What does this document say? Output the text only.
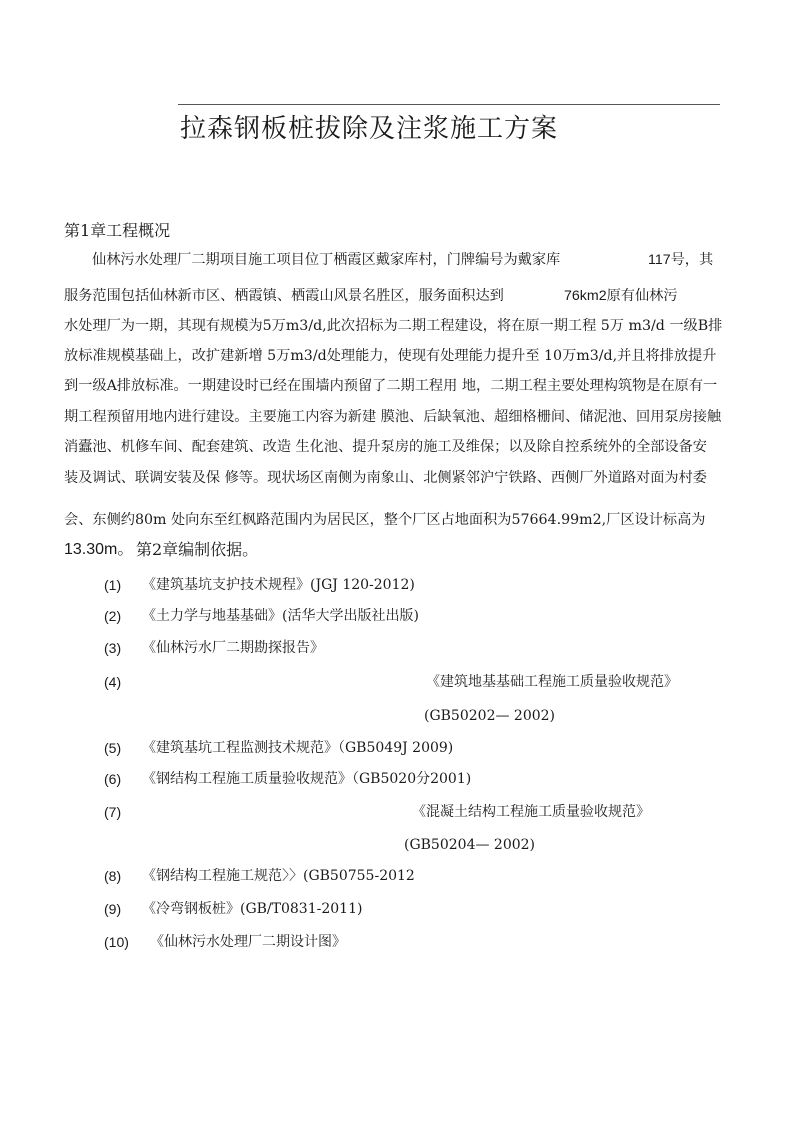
拉森钢板桩拔除及注浆施工方案
第1章工程概况
仙林污水处理厂二期项目施工项目位丁栖霞区戴家库村，门牌编号为戴家库	117号，其
服务范围包括仙林新市区、栖霞镇、栖霞山风景名胜区，服务面积达到	76km2原有仙林污
水处理厂为一期，其现有规模为5万m3/d,此次招标为二期工程建设，将在原一期工程 5万 m3/d 一级B排
放标准规模基础上，改扩建新增 5万m3/d处理能力，使现有处理能力提升至 10万m3/d,并且将排放提升
到一级A排放标准。一期建设时已经在围墙内预留了二期工程用 地，二期工程主要处理构筑物是在原有一
期工程预留用地内进行建设。主要施工内容为新建 膜池、后缺氧池、超细格栅间、储泥池、回用泵房接触
消蠹池、机修车间、配套建筑、改造 生化池、提升泵房的施工及维保；以及除自控系统外的全部设备安
装及调试、联调安装及保 修等。现状场区南侧为南象山、北侧紧邻沪宁铁路、西侧厂外道路对面为村委
会、东侧约80m 处向东至红枫路范围内为居民区，整个厂区占地面积为57664.99m2,厂区设计标高为
13.30m。 第2章编制依据。
(1) 《建筑基坑支护技术规程》(JGJ 120-2012)
(2) 《土力学与地基基础》(活华大学出版社出版)
(3) 《仙林污水厂二期勘探报告》
(4)	《建筑地基基础工程施工质量验收规范》
(GB50202— 2002)
(5) 《建筑基坑工程监测技术规范》（GB5049J 2009)
(6) 《钢结构工程施工质量验收规范》（GB5020分2001)
(7)	《混凝土结构工程施工质量验收规范》
(GB50204— 2002)
(8) 《钢结构工程施工规范〉〉(GB50755-2012
(9) 《冷弯钢板桩》(GB/T0831-2011)
(10) 《仙林污水处理厂二期设计图》
